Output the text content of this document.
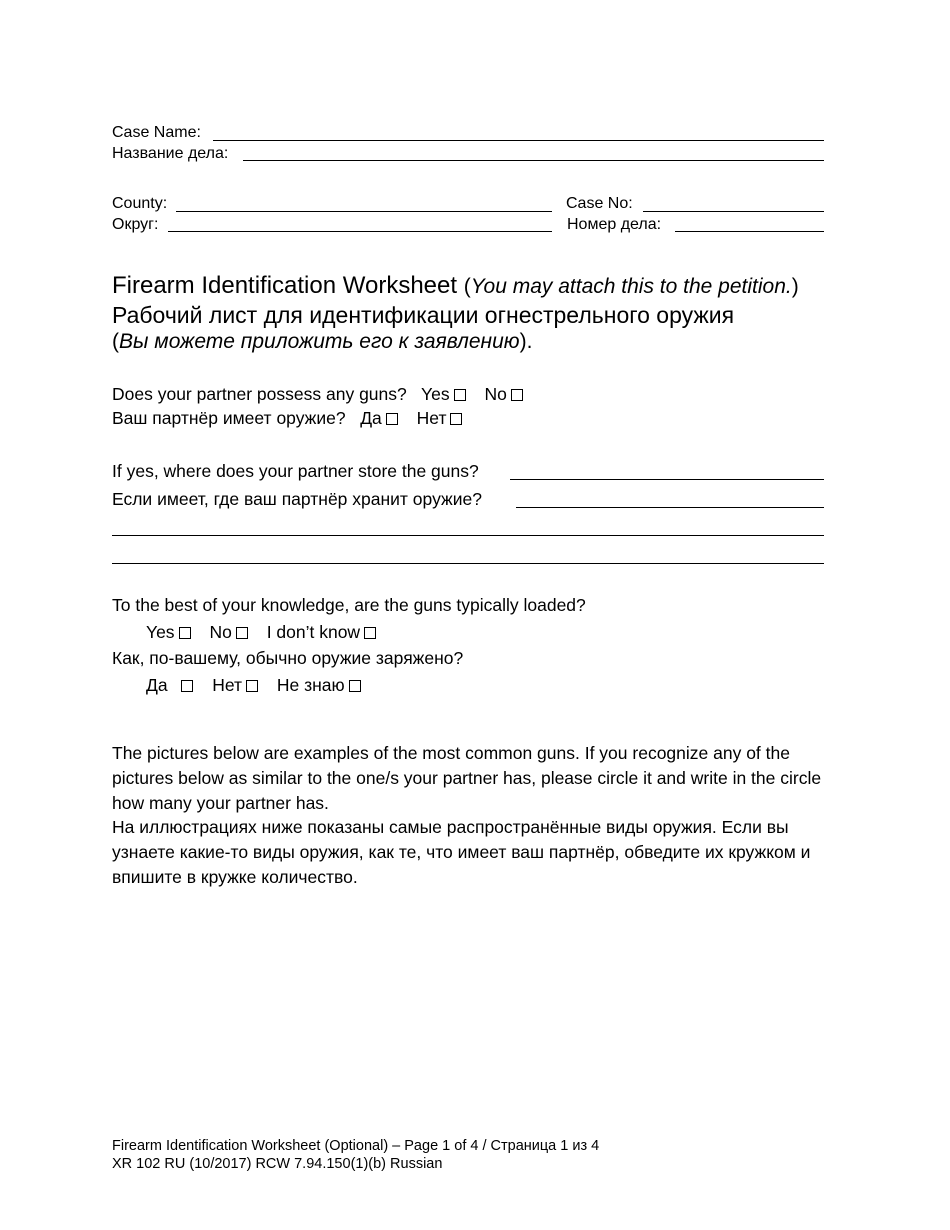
Case Name:
Название дела:
County:
Округ:
Case No:
Номер дела:
Firearm Identification Worksheet (You may attach this to the petition.)
Рабочий лист для идентификации огнестрельного оружия
(Вы можете приложить его к заявлению).
Does your partner possess any guns? Yes No
Ваш партнёр имеет оружие? Да Нет
If yes, where does your partner store the guns?
Если имеет, где ваш партнёр хранит оружие?
To the best of your knowledge, are the guns typically loaded?
Yes No I don’t know
Как, по-вашему, обычно оружие заряжено?
Да	Нет Не знаю
The pictures below are examples of the most common guns. If you recognize any of the pictures below as similar to the one/s your partner has, please circle it and write in the circle how many your partner has.
На иллюстрациях ниже показаны самые распространённые виды оружия. Если вы узнаете какие-то виды оружия, как те, что имеет ваш партнёр, обведите их кружком и впишите в кружке количество.
Firearm Identification Worksheet (Optional) – Page 1 of 4 / Страница 1 из 4
XR 102 RU (10/2017) RCW 7.94.150(1)(b) Russian
